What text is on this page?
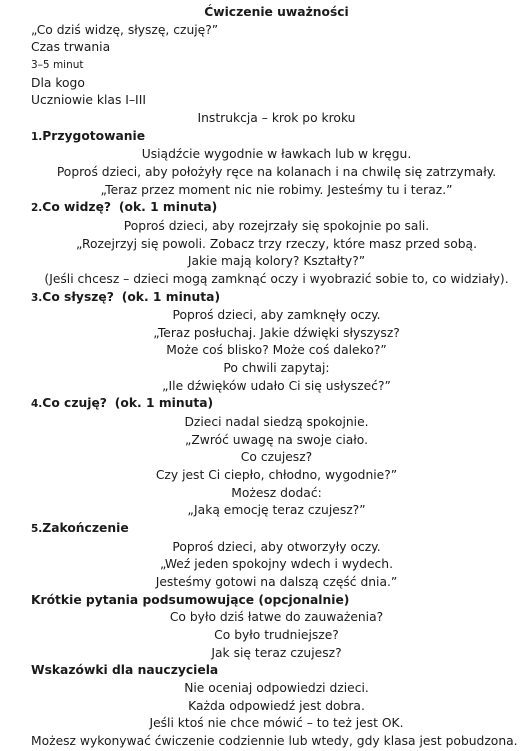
Ćwiczenie uważności

„Co dziś widzę, słyszę, czuję?”

Czas trwania

3–5 minut

Dla kogo

Uczniowie klas I–III

Instrukcja – krok po kroku

1.Przygotowanie

Usiądźcie wygodnie w ławkach lub w kręgu.

Poproś dzieci, aby położyły ręce na kolanach i na chwilę się zatrzymały.

„Teraz przez moment nic nie robimy. Jesteśmy tu i teraz.”

2.Co widzę? (ok. 1 minuta)

Poproś dzieci, aby rozejrzały się spokojnie po sali.

„Rozejrzyj się powoli. Zobacz trzy rzeczy, które masz przed sobą.

Jakie mają kolory? Kształty?”

(Jeśli chcesz – dzieci mogą zamknąć oczy i wyobrazić sobie to, co widziały).

3.Co słyszę? (ok. 1 minuta)

Poproś dzieci, aby zamknęły oczy.

„Teraz posłuchaj. Jakie dźwięki słyszysz?

Może coś blisko? Może coś daleko?”

Po chwili zapytaj:

„Ile dźwięków udało Ci się usłyszeć?”

4.Co czuję? (ok. 1 minuta)

Dzieci nadal siedzą spokojnie.

„Zwróć uwagę na swoje ciało.

Co czujesz?

Czy jest Ci ciepło, chłodno, wygodnie?”

Możesz dodać:

„Jaką emocję teraz czujesz?”

5.Zakończenie

Poproś dzieci, aby otworzyły oczy.

„Weź jeden spokojny wdech i wydech.

Jesteśmy gotowi na dalszą część dnia.”

Krótkie pytania podsumowujące (opcjonalnie)

Co było dziś łatwe do zauważenia?

Co było trudniejsze?

Jak się teraz czujesz?

Wskazówki dla nauczyciela

Nie oceniaj odpowiedzi dzieci.

Każda odpowiedź jest dobra.

Jeśli ktoś nie chce mówić – to też jest OK.

Możesz wykonywać ćwiczenie codziennie lub wtedy, gdy klasa jest pobudzona.
